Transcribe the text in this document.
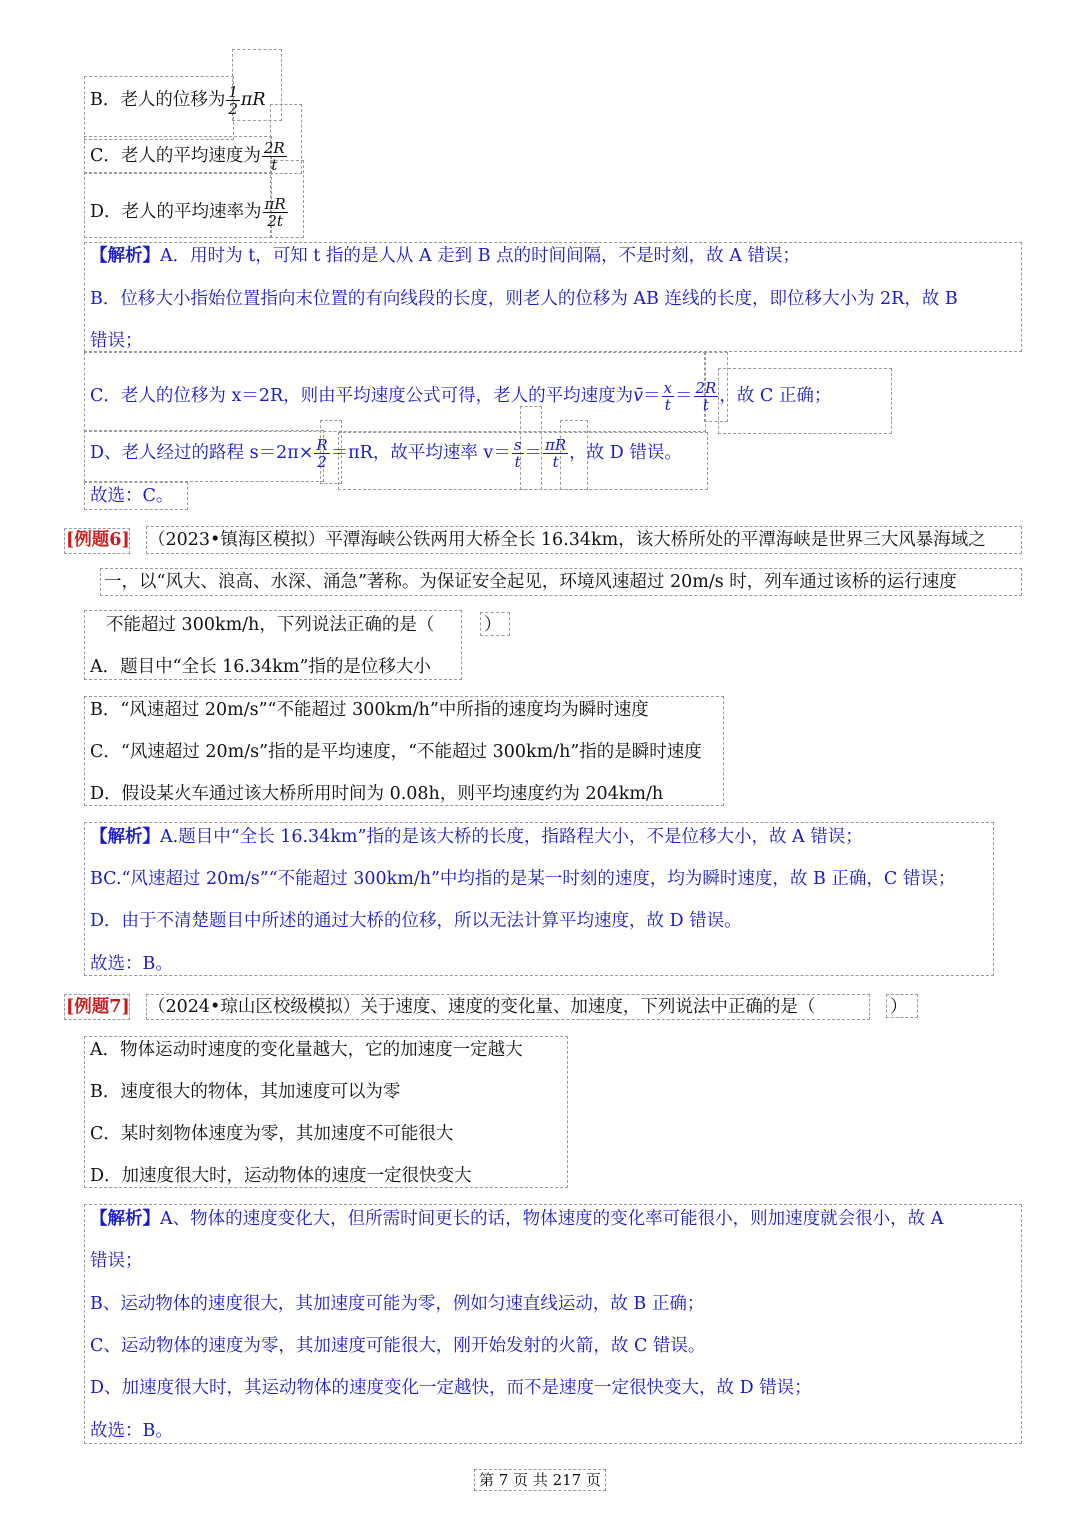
B．老人的位移为 $\frac{1}{2}$ πR
C．老人的平均速度为 $\frac{2R}{t}$
D．老人的平均速率为 $\frac{\pi R}{2t}$
【解析】A．用时为 t，可知 t 指的是人从 A 走到 B 点的时间间隔，不是时刻，故 A 错误；
B．位移大小指始位置指向末位置的有向线段的长度，则老人的位移为 AB 连线的长度，即位移大小为 2R，故 B
错误；
C．老人的位移为 x＝2R，则由平均速度公式可得，老人的平均速度为v̄＝ $\frac{x}{t} = \frac{2R}{t}$ ，故 C 正确；
D、老人经过的路程 $s=2\pi\times \frac{R}{2} =\pi R$，故平均速率 $v= \frac{s}{t} = \frac{\pi R}{t}$ ，故 D 错误。
故选：C。
[例题6] （2023•镇海区模拟）平潭海峡公铁两用大桥全长 16.34km，该大桥所处的平潭海峡是世界三大风暴海域之
一，以“风大、浪高、水深、涌急”著称。为保证安全起见，环境风速超过 20m/s 时，列车通过该桥的运行速度
不能超过 300km/h，下列说法正确的是（	）
A．题目中“全长 16.34km”指的是位移大小
B．“风速超过 20m/s”“不能超过 300km/h”中所指的速度均为瞬时速度
C．“风速超过 20m/s”指的是平均速度，“不能超过 300km/h”指的是瞬时速度
D．假设某火车通过该大桥所用时间为 0.08h，则平均速度约为 204km/h
【解析】A.题目中“全长 16.34km”指的是该大桥的长度，指路程大小，不是位移大小，故 A 错误；
BC.“风速超过 20m/s”“不能超过 300km/h”中均指的是某一时刻的速度，均为瞬时速度，故 B 正确，C 错误；
D．由于不清楚题目中所述的通过大桥的位移，所以无法计算平均速度，故 D 错误。
故选：B。
[例题7] （2024•琼山区校级模拟）关于速度、速度的变化量、加速度，下列说法中正确的是（	）
A．物体运动时速度的变化量越大，它的加速度一定越大
B．速度很大的物体，其加速度可以为零
C．某时刻物体速度为零，其加速度不可能很大
D．加速度很大时，运动物体的速度一定很快变大
【解析】A、物体的速度变化大，但所需时间更长的话，物体速度的变化率可能很小，则加速度就会很小，故 A
错误；
B、运动物体的速度很大，其加速度可能为零，例如匀速直线运动，故 B 正确；
C、运动物体的速度为零，其加速度可能很大，刚开始发射的火箭，故 C 错误。
D、加速度很大时，其运动物体的速度变化一定越快，而不是速度一定很快变大，故 D 错误；
故选：B。
第 7 页 共 217 页
